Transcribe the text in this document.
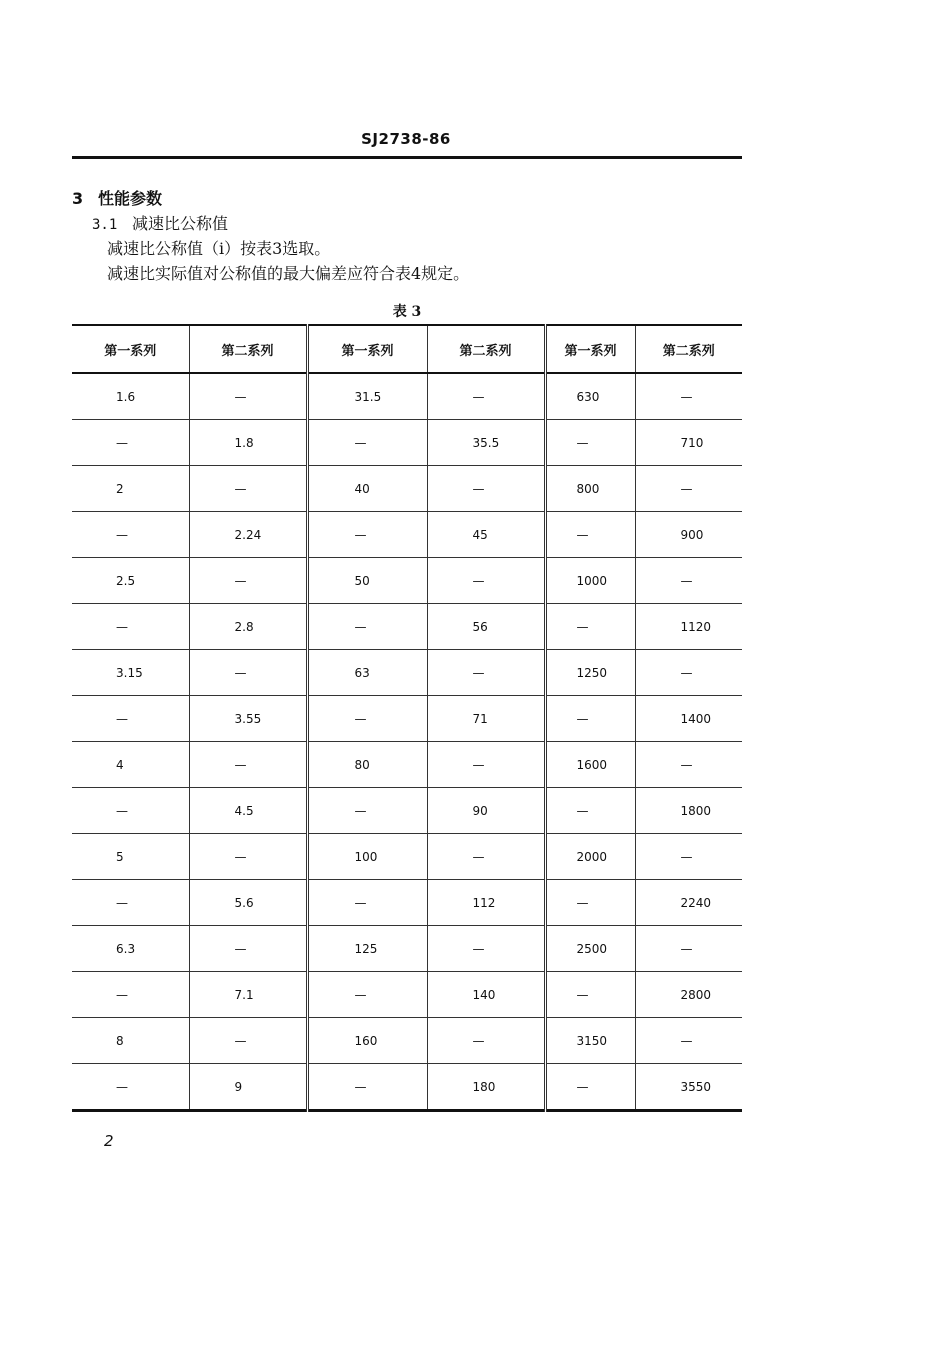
SJ2738-86
3 性能参数
3.1 减速比公称值
减速比公称值（i）按表3选取。
减速比实际值对公称值的最大偏差应符合表4规定。
表 3
第一系列	第二系列	第一系列	第二系列	第一系列	第二系列
1.6	—	31.5	—	630	—
—	1.8	—	35.5	—	710
2	—	40	—	800	—
—	2.24	—	45	—	900
2.5	—	50	—	1000	—
—	2.8	—	56	—	1120
3.15	—	63	—	1250	—
—	3.55	—	71	—	1400
4	—	80	—	1600	—
—	4.5	—	90	—	1800
5	—	100	—	2000	—
—	5.6	—	112	—	2240
6.3	—	125	—	2500	—
—	7.1	—	140	—	2800
8	—	160	—	3150	—
—	9	—	180	—	3550
2
